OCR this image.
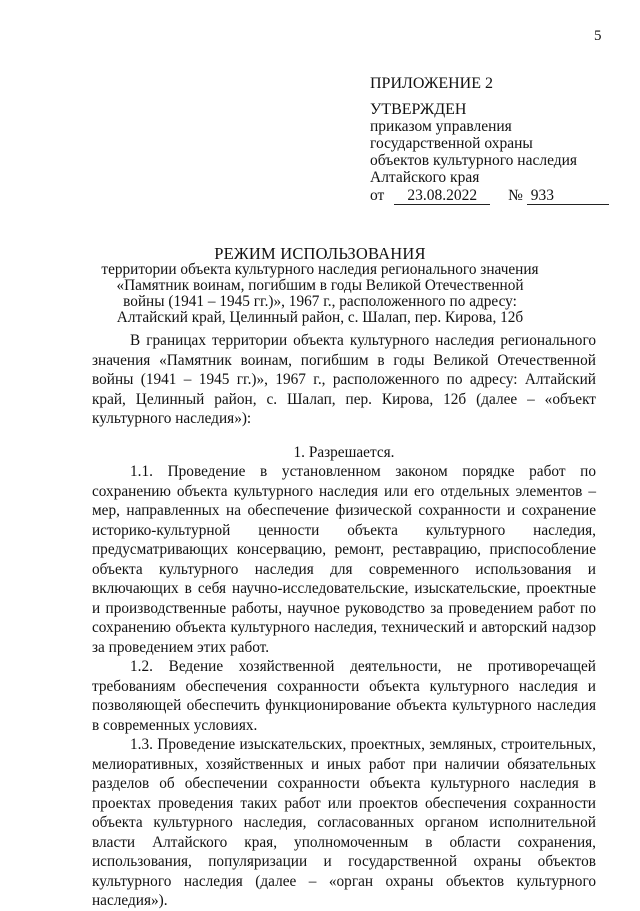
5
ПРИЛОЖЕНИЕ 2
УТВЕРЖДЕН
приказом управления
государственной охраны
объектов культурного наследия
Алтайского края
от 23.08.2022 № 933
РЕЖИМ ИСПОЛЬЗОВАНИЯ
территории объекта культурного наследия регионального значения
«Памятник воинам, погибшим в годы Великой Отечественной
войны (1941 – 1945 гг.)», 1967 г., расположенного по адресу:
Алтайский край, Целинный район, с. Шалап, пер. Кирова, 12б

В границах территории объекта культурного наследия регионального значения «Памятник воинам, погибшим в годы Великой Отечественной войны (1941 – 1945 гг.)», 1967 г., расположенного по адресу: Алтайский край, Целинный район, с. Шалап, пер. Кирова, 12б (далее – «объект культурного наследия»):

1. Разрешается.

1.1. Проведение в установленном законом порядке работ по сохранению объекта культурного наследия или его отдельных элементов – мер, направленных на обеспечение физической сохранности и сохранение историко-культурной ценности объекта культурного наследия, предусматривающих консервацию, ремонт, реставрацию, приспособление объекта культурного наследия для современного использования и включающих в себя научно-исследовательские, изыскательские, проектные и производственные работы, научное руководство за проведением работ по сохранению объекта культурного наследия, технический и авторский надзор за проведением этих работ.

1.2. Ведение хозяйственной деятельности, не противоречащей требованиям обеспечения сохранности объекта культурного наследия и позволяющей обеспечить функционирование объекта культурного наследия в современных условиях.

1.3. Проведение изыскательских, проектных, земляных, строительных, мелиоративных, хозяйственных и иных работ при наличии обязательных разделов об обеспечении сохранности объекта культурного наследия в проектах проведения таких работ или проектов обеспечения сохранности объекта культурного наследия, согласованных органом исполнительной власти Алтайского края, уполномоченным в области сохранения, использования, популяризации и государственной охраны объектов культурного наследия (далее – «орган охраны объектов культурного наследия»).
